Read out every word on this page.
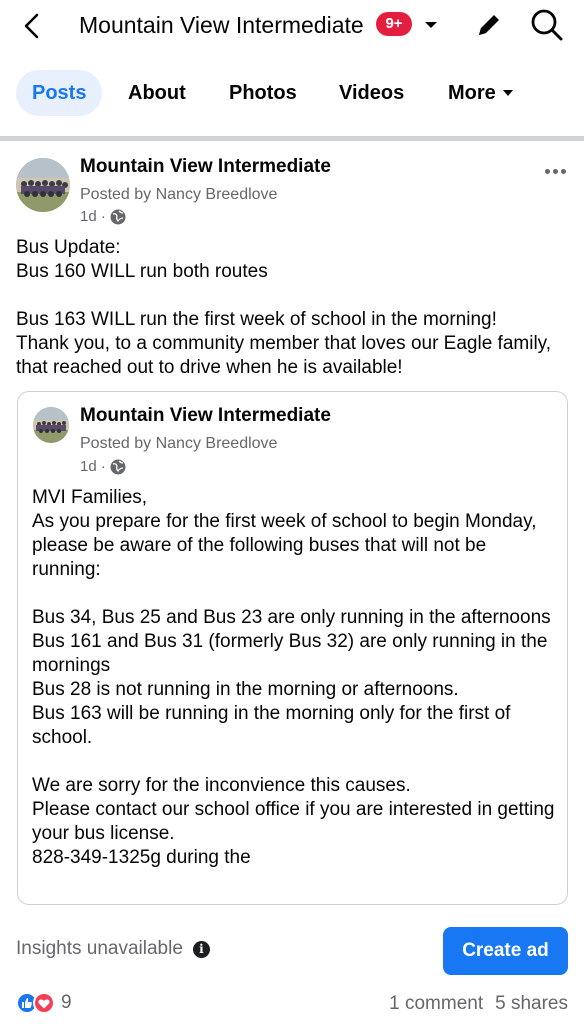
Mountain View Intermediate	9+
Posts	About Photos Videos More
Mountain View Intermediate
Posted by Nancy Breedlove
1d ·
Bus Update:
Bus 160 WILL run both routes

Bus 163 WILL run the first week of school in the morning!
Thank you, to a community member that loves our Eagle family, that reached out to drive when he is available!
Mountain View Intermediate
Posted by Nancy Breedlove
1d ·
MVI Families,
As you prepare for the first week of school to begin Monday, please be aware of the following buses that will not be running:

Bus 34, Bus 25 and Bus 23 are only running in the afternoons
Bus 161 and Bus 31 (formerly Bus 32) are only running in the mornings
Bus 28 is not running in the morning or afternoons.
Bus 163 will be running in the morning only for the first of school.

We are sorry for the inconvience this causes.
Please contact our school office if you are interested in getting your bus license.
828-349-1325g during the
Insights unavailable	i	Create ad
9	1 comment 5 shares
